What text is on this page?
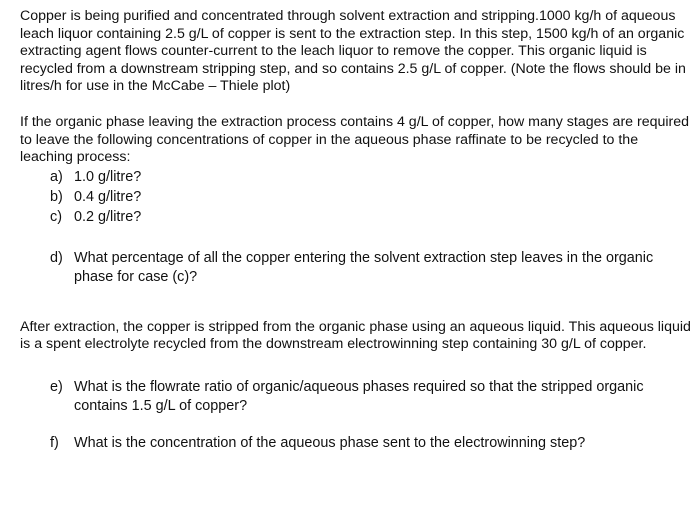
Copper is being purified and concentrated through solvent extraction and stripping.1000 kg/h of aqueous leach liquor containing 2.5 g/L of copper is sent to the extraction step. In this step, 1500 kg/h of an organic extracting agent flows counter-current to the leach liquor to remove the copper. This organic liquid is recycled from a downstream stripping step, and so contains 2.5 g/L of copper. (Note the flows should be in litres/h for use in the McCabe – Thiele plot)

If the organic phase leaving the extraction process contains 4 g/L of copper, how many stages are required to leave the following concentrations of copper in the aqueous phase raffinate to be recycled to the leaching process:

a) 1.0 g/litre?
b) 0.4 g/litre?
c) 0.2 g/litre?
d) What percentage of all the copper entering the solvent extraction step leaves in the organic phase for case (c)?

After extraction, the copper is stripped from the organic phase using an aqueous liquid. This aqueous liquid is a spent electrolyte recycled from the downstream electrowinning step containing 30 g/L of copper.

e) What is the flowrate ratio of organic/aqueous phases required so that the stripped organic contains 1.5 g/L of copper?
f)	What is the concentration of the aqueous phase sent to the electrowinning step?
